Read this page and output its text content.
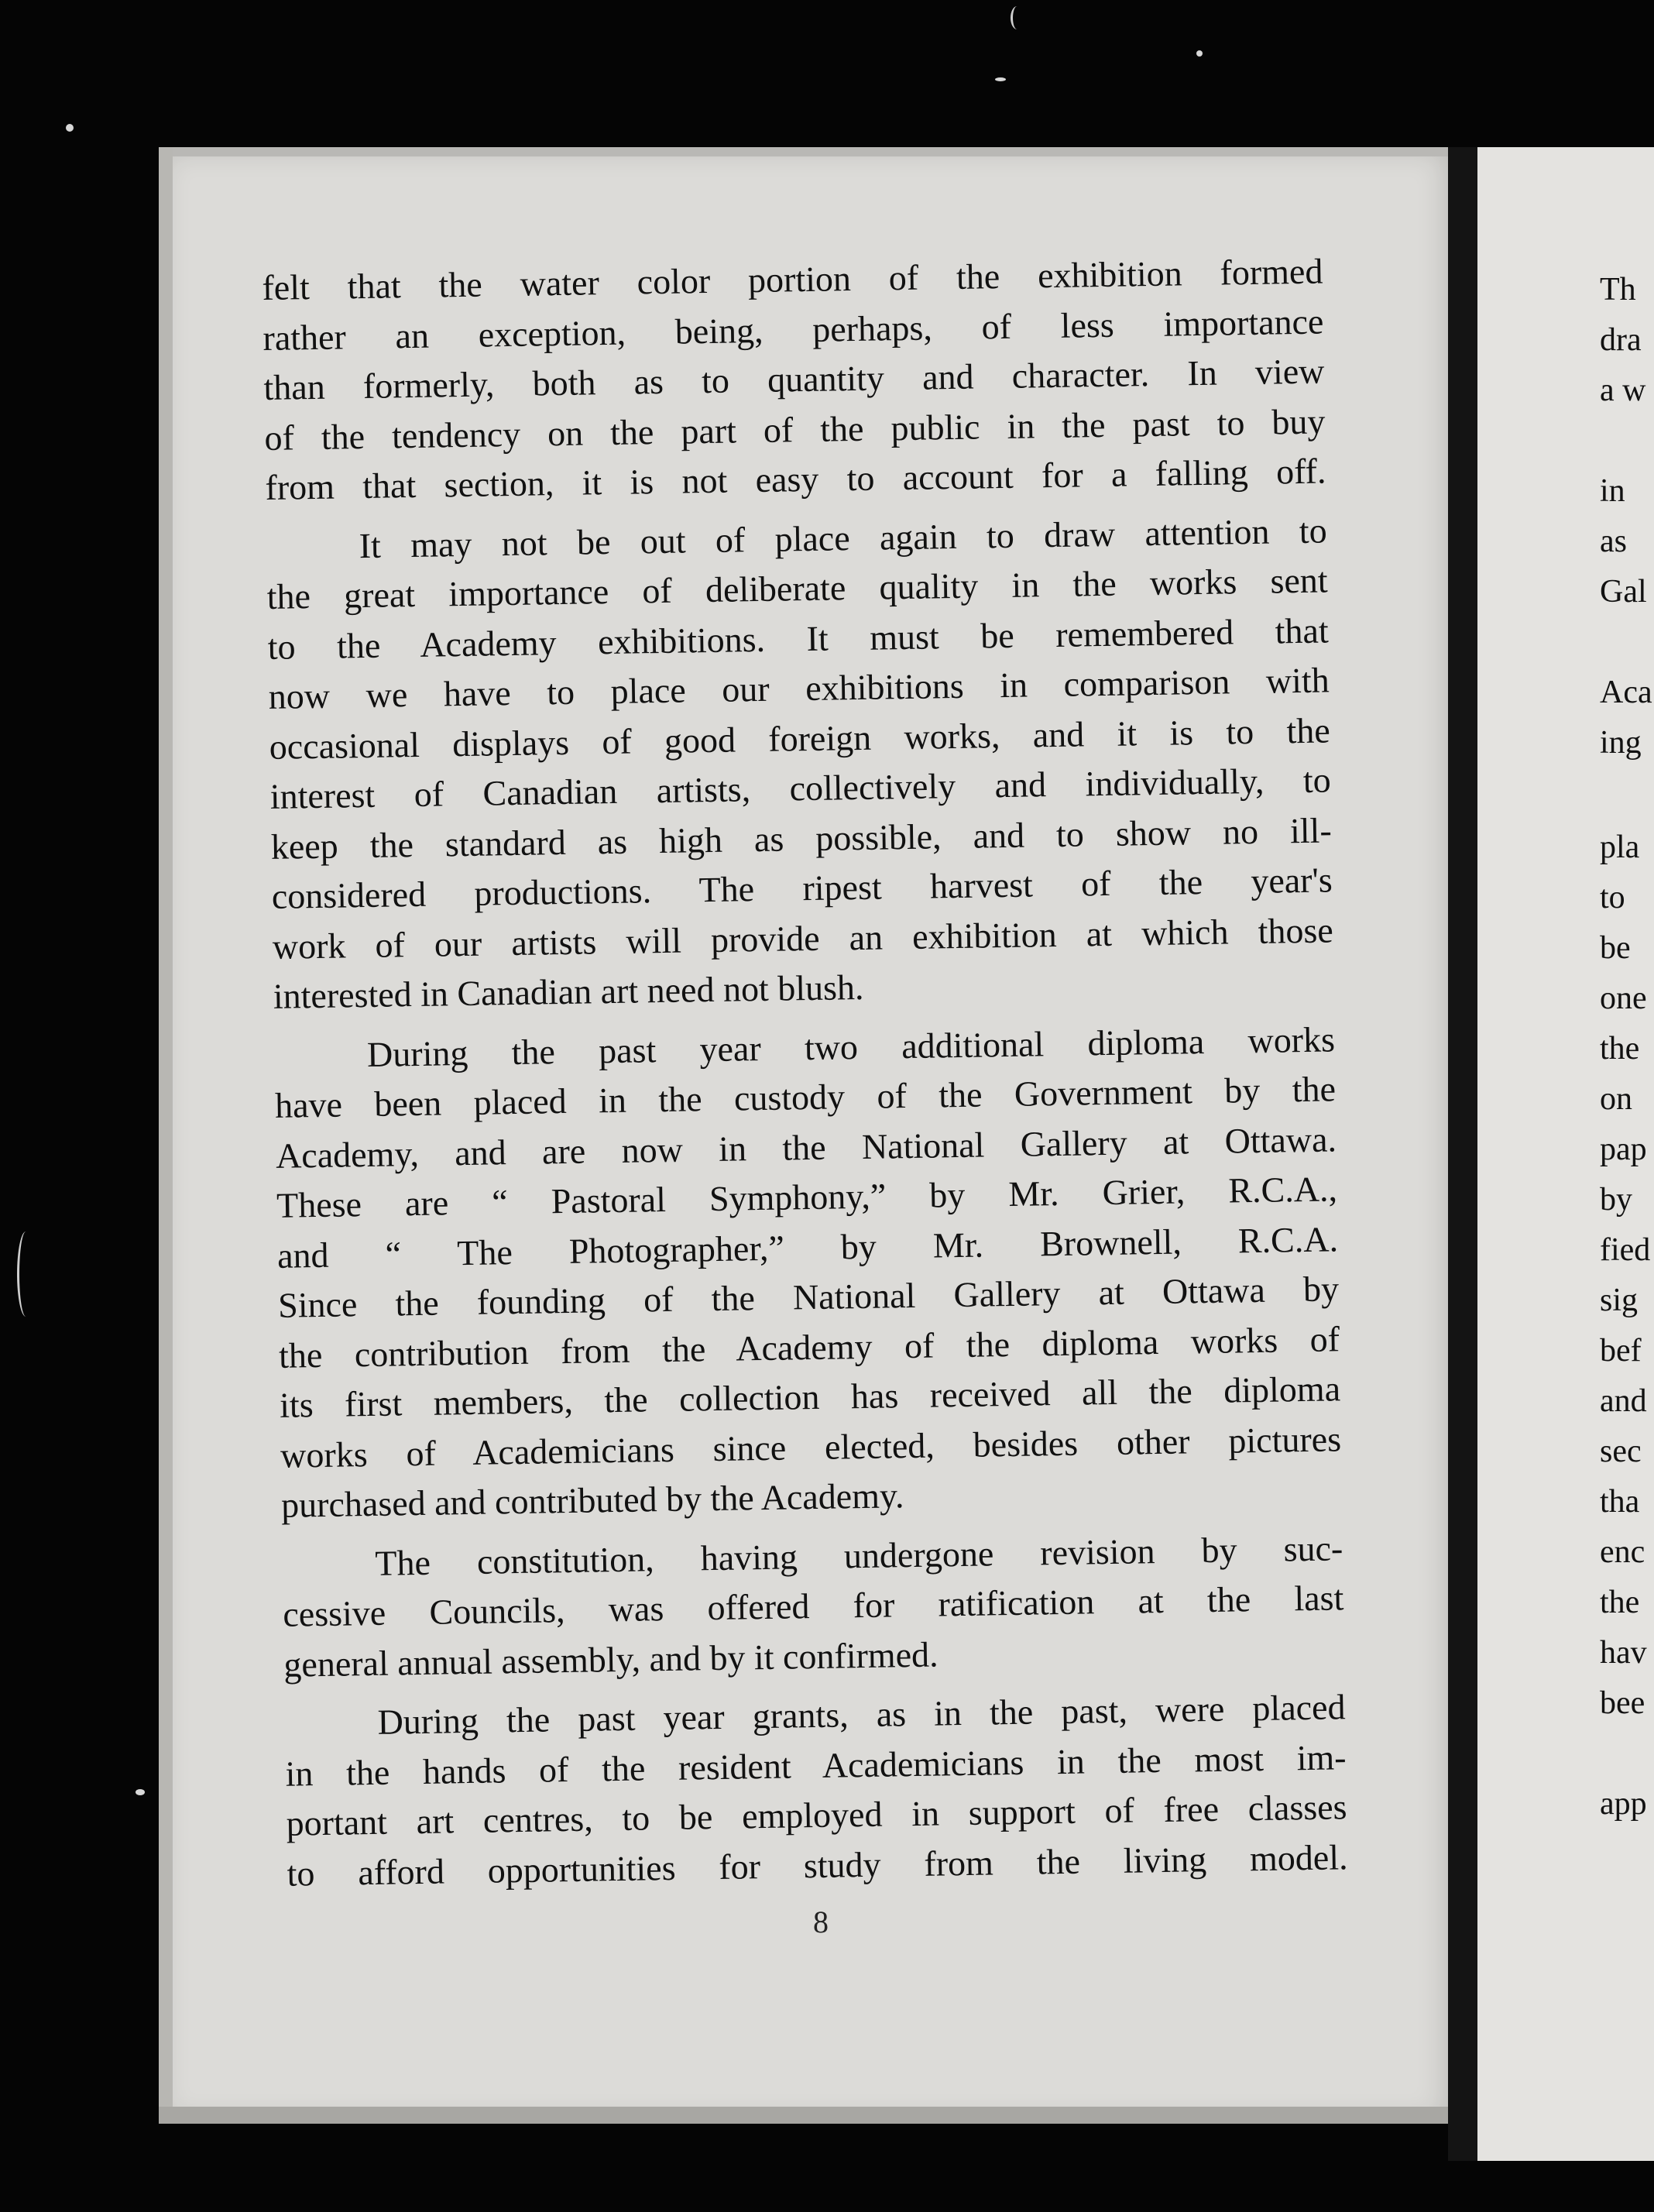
felt that the water color portion of the exhibition formed
rather an exception, being, perhaps, of less importance
than formerly, both as to quantity and character. In view
of the tendency on the part of the public in the past to buy
from that section, it is not easy to account for a falling off.
It may not be out of place again to draw attention to
the great importance of deliberate quality in the works sent
to the Academy exhibitions. It must be remembered that
now we have to place our exhibitions in comparison with
occasional displays of good foreign works, and it is to the
interest of Canadian artists, collectively and individually, to
keep the standard as high as possible, and to show no ill-
considered productions. The ripest harvest of the year's
work of our artists will provide an exhibition at which those
interested in Canadian art need not blush.
During the past year two additional diploma works
have been placed in the custody of the Government by the
Academy, and are now in the National Gallery at Ottawa.
These are “ Pastoral Symphony,” by Mr. Grier, R.C.A.,
and “ The Photographer,” by Mr. Brownell, R.C.A.
Since the founding of the National Gallery at Ottawa by
the contribution from the Academy of the diploma works of
its first members, the collection has received all the diploma
works of Academicians since elected, besides other pictures
purchased and contributed by the Academy.
The constitution, having undergone revision by suc-
cessive Councils, was offered for ratification at the last
general annual assembly, and by it confirmed.
During the past year grants, as in the past, were placed
in the hands of the resident Academicians in the most im-
portant art centres, to be employed in support of free classes
to afford opportunities for study from the living model.
8
Th
dra
a w
in
as
Gal
Aca
ing
pla
to
be
one
the
on
pap
by
fied
sig
bef
and
sec
tha
enc
the
hav
bee
app
